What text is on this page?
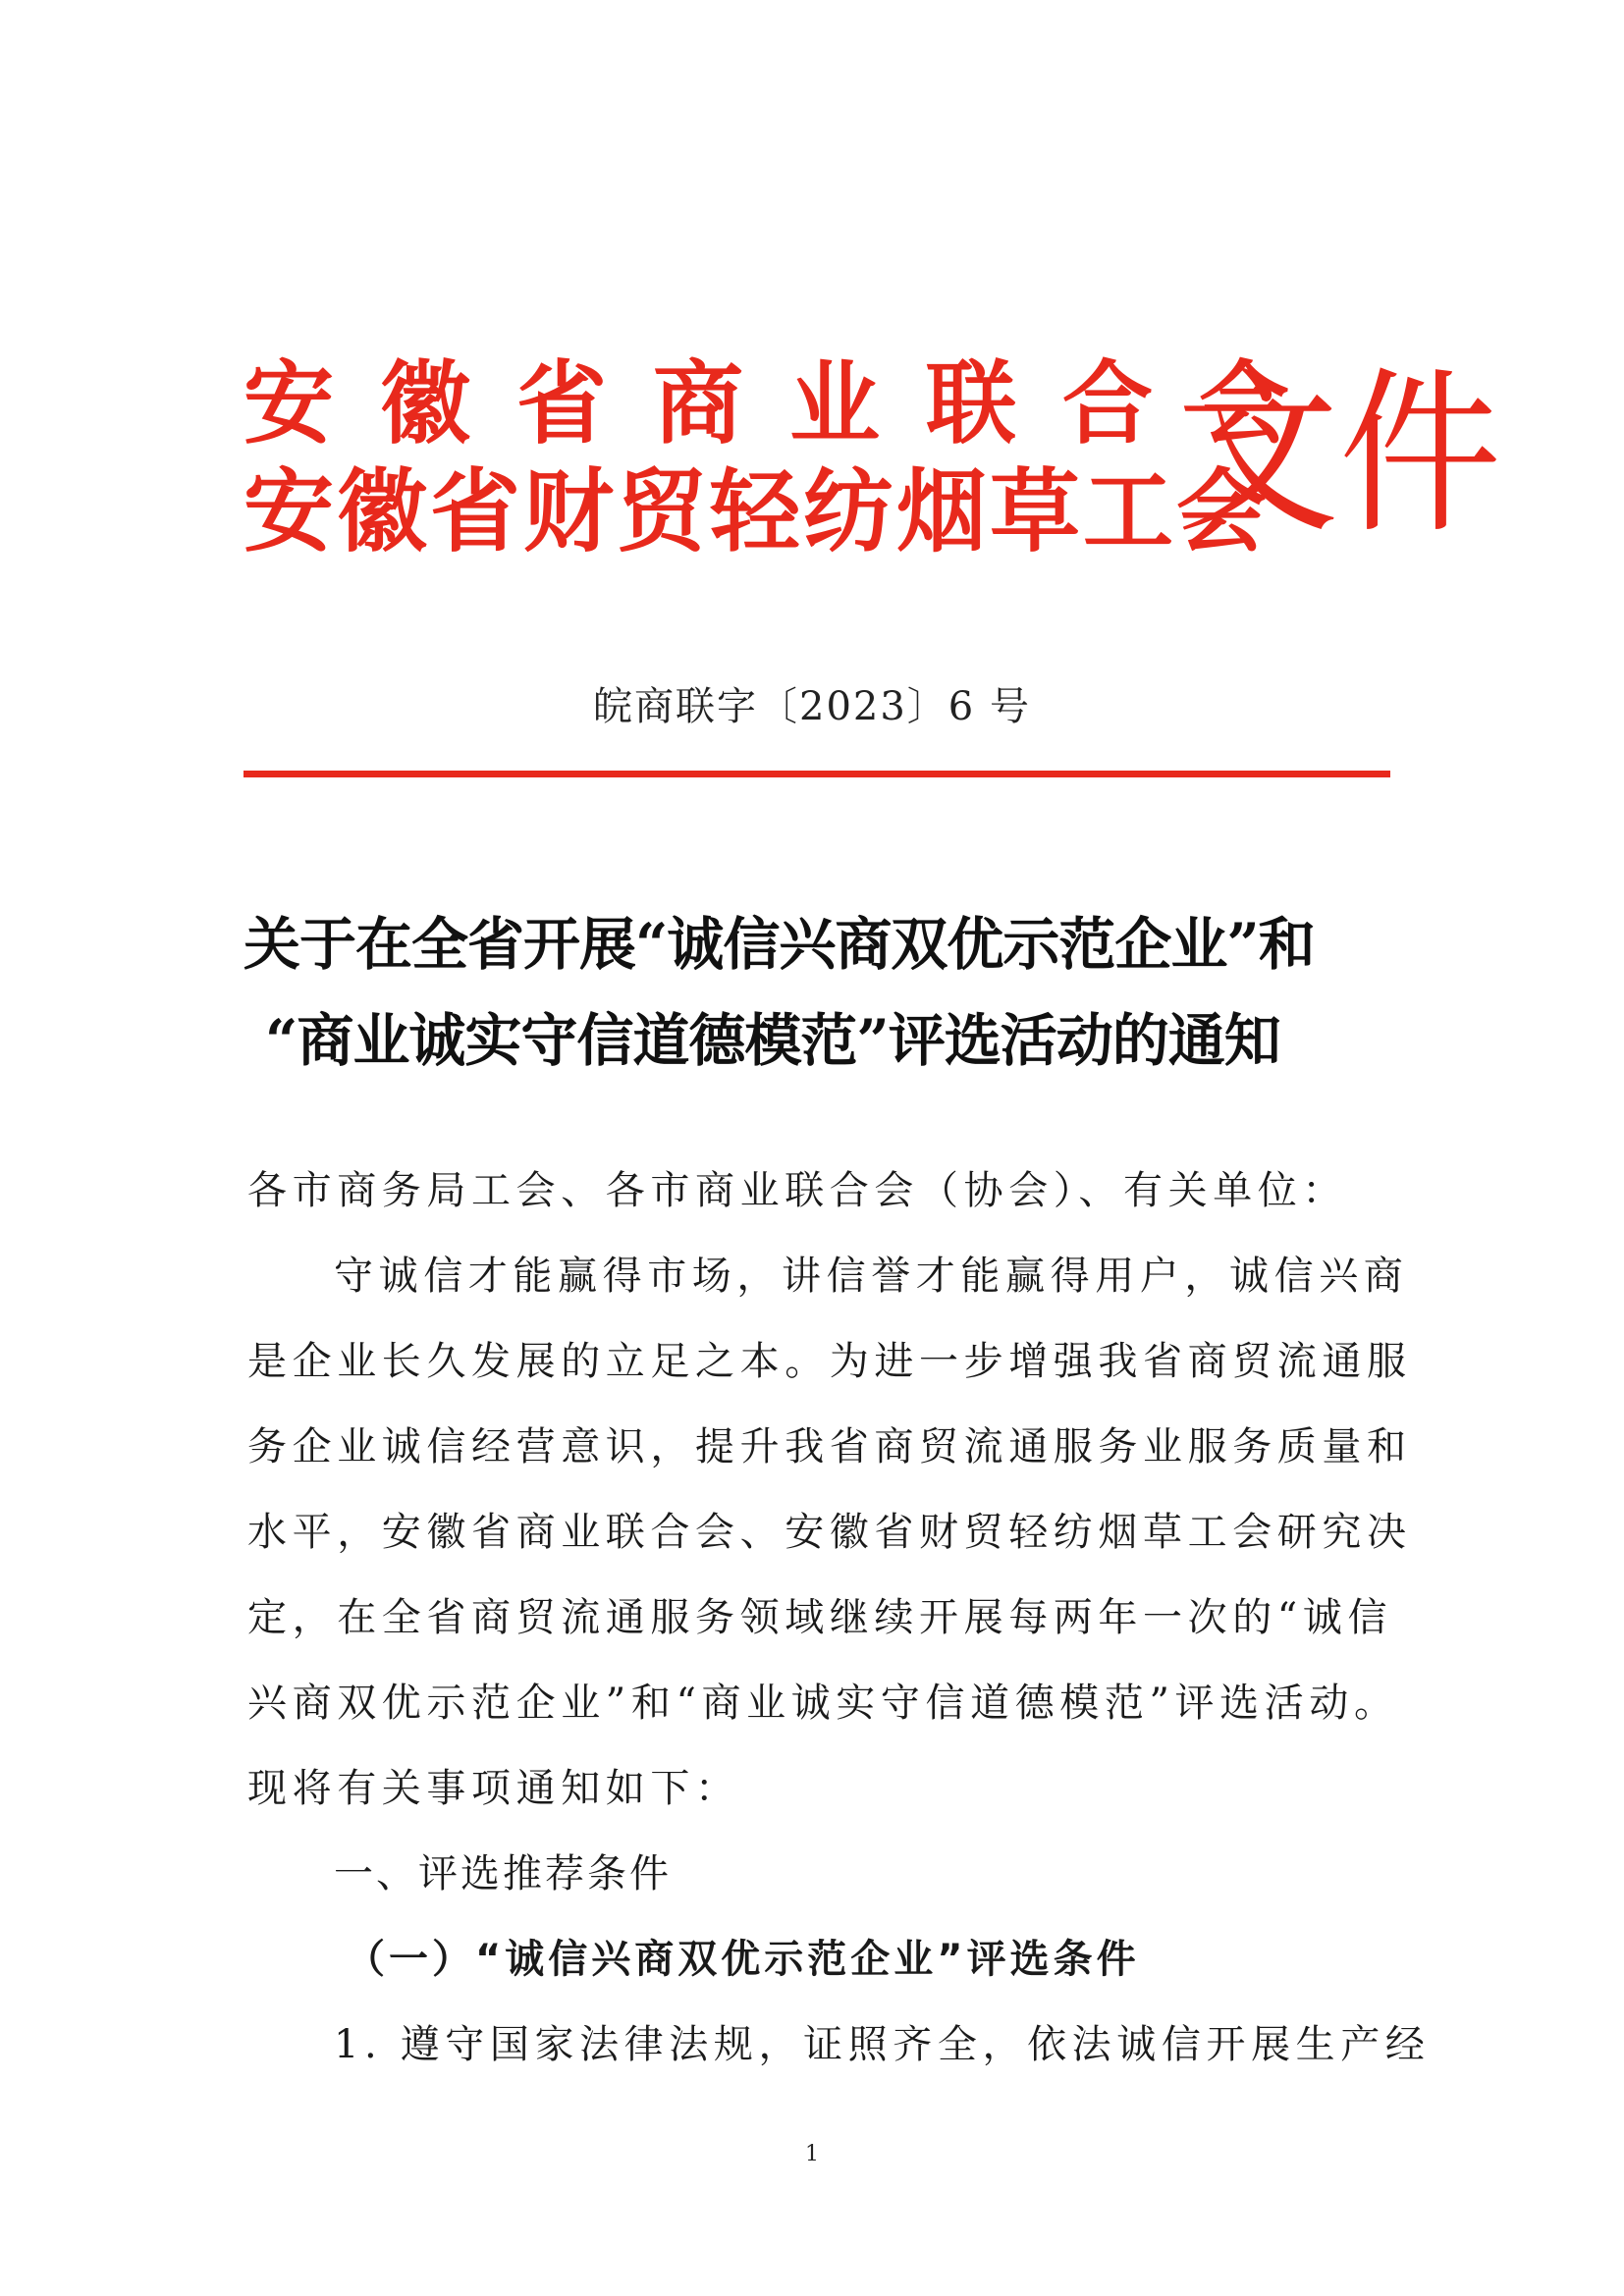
安徽省商业联合会
安徽省财贸轻纺烟草工会
文件
皖商联字〔2023〕6 号
关于在全省开展“诚信兴商双优示范企业”和
“商业诚实守信道德模范”评选活动的通知
各市商务局工会、各市商业联合会（协会）、有关单位：
守诚信才能赢得市场，讲信誉才能赢得用户，诚信兴商
是企业长久发展的立足之本。为进一步增强我省商贸流通服
务企业诚信经营意识，提升我省商贸流通服务业服务质量和
水平，安徽省商业联合会、安徽省财贸轻纺烟草工会研究决
定，在全省商贸流通服务领域继续开展每两年一次的“诚信
兴商双优示范企业”和“商业诚实守信道德模范”评选活动。
现将有关事项通知如下：
一、评选推荐条件
（一）“诚信兴商双优示范企业”评选条件
1. 遵守国家法律法规，证照齐全，依法诚信开展生产经
1
